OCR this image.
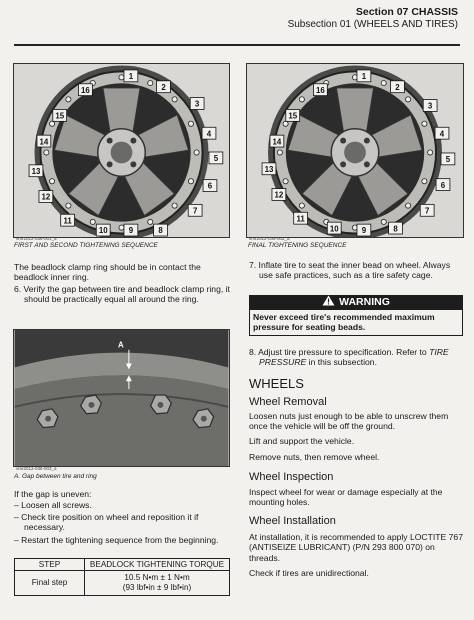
Section 07 CHASSIS
Subsection 01 (WHEELS AND TIRES)
1
2
3
4
5
6
7
8
9
10
11
12
13
14
15
16
vmr2012-036-001_a
FIRST AND SECOND TIGHTENING SEQUENCE
1
2
3
4
5
6
7
8
9
10
11
12
13
14
15
16
vmr2012-036-002_a
FINAL TIGHTENING SEQUENCE
The beadlock clamp ring should be in contact the beadlock inner ring.
6. Verify the gap between tire and beadlock clamp ring, it should be practically equal all around the ring.
A
vmr2012-036-003_a
A. Gap between tire and ring
If the gap is uneven:
– Loosen all screws.
– Check tire position on wheel and reposition it if necessary.
– Restart the tightening sequence from the beginning.
STEP	BEADLOCK TIGHTENING TORQUE
Final step	10.5 N•m ± 1 N•m
(93 lbf•in ± 9 lbf•in)
7. Inflate tire to seat the inner bead on wheel. Always use safe practices, such as a tire safety cage.
WARNING
Never exceed tire's recommended maximum pressure for seating beads.
8. Adjust tire pressure to specification. Refer to TIRE PRESSURE in this subsection.
WHEELS
Wheel Removal
Loosen nuts just enough to be able to unscrew them once the vehicle will be off the ground.
Lift and support the vehicle.
Remove nuts, then remove wheel.
Wheel Inspection
Inspect wheel for wear or damage especially at the mounting holes.
Wheel Installation
At installation, it is recommended to apply LOCTITE 767 (ANTISEIZE LUBRICANT) (P/N 293 800 070) on threads.
Check if tires are unidirectional.
